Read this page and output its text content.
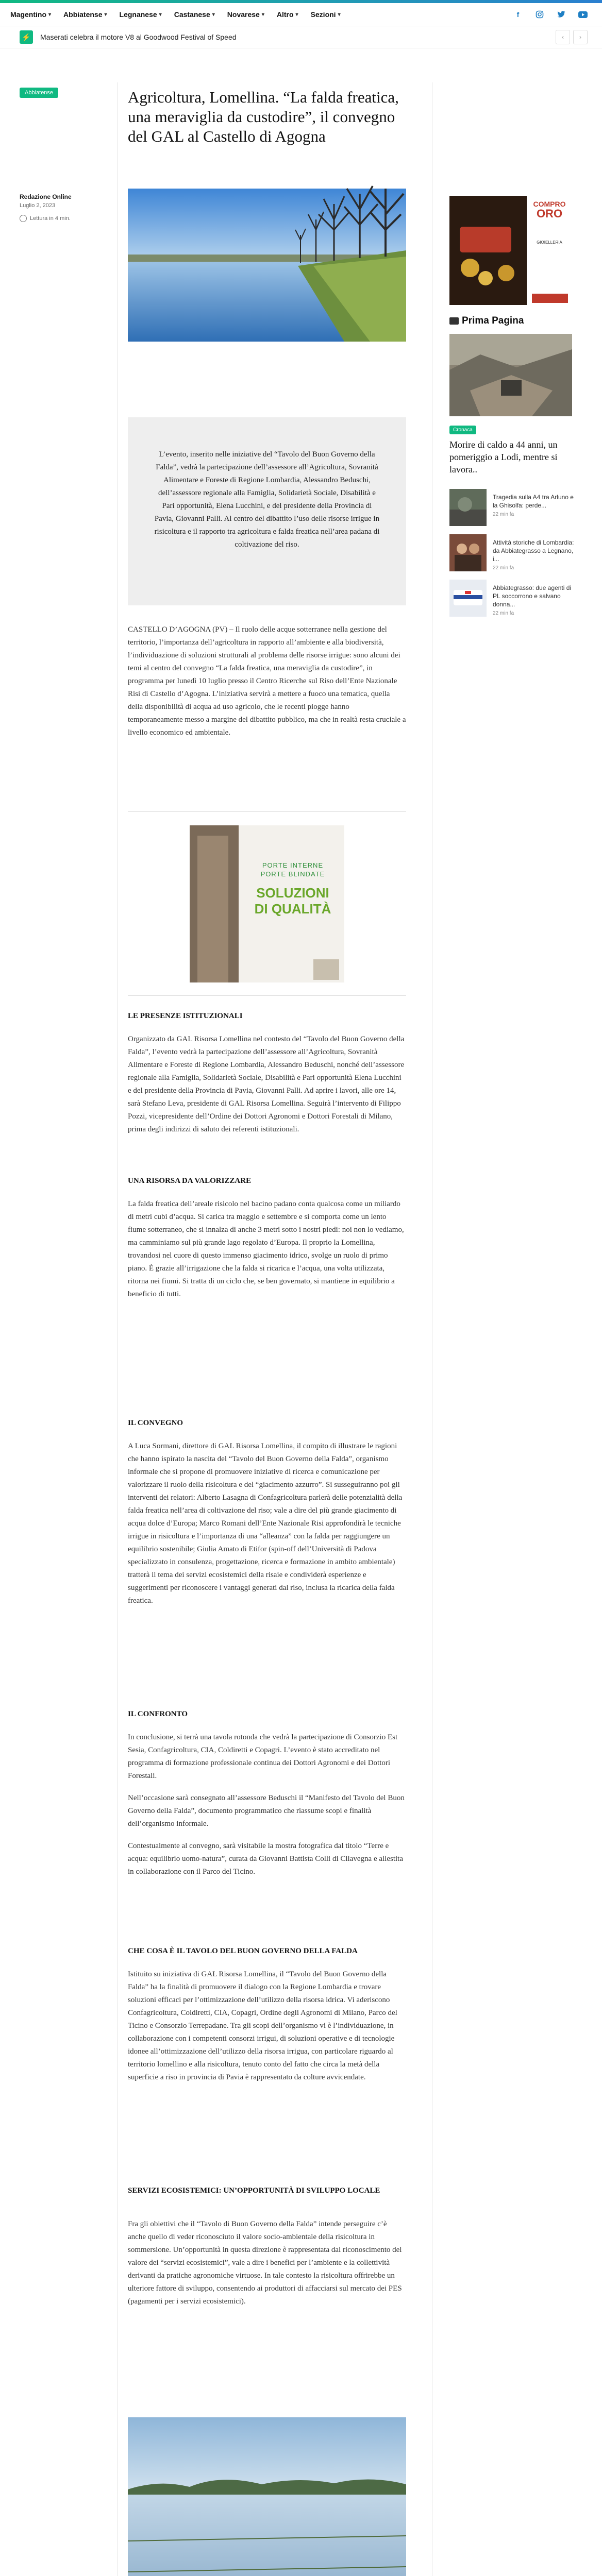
Magentino ▾ Abbiatense ▾ Legnanese ▾ Castanese ▾ Novarese ▾ Altro ▾ Sezioni ▾	f
⚡	Maserati celebra il motore V8 al Goodwood Festival of Speed	‹	›
Abbiatense
Redazione Online
Luglio 2, 2023
Lettura in 4 min.
Agricoltura, Lomellina. “La falda freatica, una meraviglia da custodire”, il convegno del GAL al Castello di Agogna
L’evento, inserito nelle iniziative del “Tavolo del Buon Governo della Falda”, vedrà la partecipazione dell’assessore all’Agricoltura, Sovranità Alimentare e Foreste di Regione Lombardia, Alessandro Beduschi, dell’assessore regionale alla Famiglia, Solidarietà Sociale, Disabilità e Pari opportunità, Elena Lucchini, e del presidente della Provincia di Pavia, Giovanni Palli. Al centro del dibattito l’uso delle risorse irrigue in risicoltura e il rapporto tra agricoltura e falda freatica nell’area padana di coltivazione del riso.

CASTELLO D’AGOGNA (PV) – Il ruolo delle acque sotterranee nella gestione del territorio, l’importanza dell’agricoltura in rapporto all’ambiente e alla biodiversità, l’individuazione di soluzioni strutturali al problema delle risorse irrigue: sono alcuni dei temi al centro del convegno “La falda freatica, una meraviglia da custodire”, in programma per lunedì 10 luglio presso il Centro Ricerche sul Riso dell’Ente Nazionale Risi di Castello d’Agogna. L’iniziativa servirà a mettere a fuoco una tematica, quella della disponibilità di acqua ad uso agricolo, che le recenti piogge hanno temporaneamente messo a margine del dibattito pubblico, ma che in realtà resta cruciale a livello economico ed ambientale.

PORTE INTERNE
PORTE BLINDATE
SOLUZIONI
DI QUALITÀ
LE PRESENZE ISTITUZIONALI

Organizzato da GAL Risorsa Lomellina nel contesto del “Tavolo del Buon Governo della Falda”, l’evento vedrà la partecipazione dell’assessore all’Agricoltura, Sovranità Alimentare e Foreste di Regione Lombardia, Alessandro Beduschi, nonché dell’assessore regionale alla Famiglia, Solidarietà Sociale, Disabilità e Pari opportunità Elena Lucchini e del presidente della Provincia di Pavia, Giovanni Palli. Ad aprire i lavori, alle ore 14, sarà Stefano Leva, presidente di GAL Risorsa Lomellina. Seguirà l’intervento di Filippo Pozzi, vicepresidente dell’Ordine dei Dottori Agronomi e Dottori Forestali di Milano, prima degli indirizzi di saluto dei referenti istituzionali.

UNA RISORSA DA VALORIZZARE

La falda freatica dell’areale risicolo nel bacino padano conta qualcosa come un miliardo di metri cubi d’acqua. Si carica tra maggio e settembre e si comporta come un lento fiume sotterraneo, che si innalza di anche 3 metri sotto i nostri piedi: noi non lo vediamo, ma camminiamo sul più grande lago regolato d’Europa. Il proprio la Lomellina, trovandosi nel cuore di questo immenso giacimento idrico, svolge un ruolo di primo piano. È grazie all’irrigazione che la falda si ricarica e l’acqua, una volta utilizzata, ritorna nei fiumi. Si tratta di un ciclo che, se ben governato, si mantiene in equilibrio a beneficio di tutti.

IL CONVEGNO

A Luca Sormani, direttore di GAL Risorsa Lomellina, il compito di illustrare le ragioni che hanno ispirato la nascita del “Tavolo del Buon Governo della Falda”, organismo informale che si propone di promuovere iniziative di ricerca e comunicazione per valorizzare il ruolo della risicoltura e del “giacimento azzurro”. Si susseguiranno poi gli interventi dei relatori: Alberto Lasagna di Confagricoltura parlerà delle potenzialità della falda freatica nell’area di coltivazione del riso; vale a dire del più grande giacimento di acqua dolce d’Europa; Marco Romani dell’Ente Nazionale Risi approfondirà le tecniche irrigue in risicoltura e l’importanza di una “alleanza” con la falda per raggiungere un equilibrio sostenibile; Giulia Amato di Etifor (spin-off dell’Università di Padova specializzato in consulenza, progettazione, ricerca e formazione in ambito ambientale) tratterà il tema dei servizi ecosistemici della risaie e condividerà esperienze e suggerimenti per riconoscere i vantaggi generati dal riso, inclusa la ricarica della falda freatica.

IL CONFRONTO

In conclusione, si terrà una tavola rotonda che vedrà la partecipazione di Consorzio Est Sesia, Confagricoltura, CIA, Coldiretti e Copagri. L’evento è stato accreditato nel programma di formazione professionale continua dei Dottori Agronomi e dei Dottori Forestali.

Nell’occasione sarà consegnato all’assessore Beduschi il “Manifesto del Tavolo del Buon Governo della Falda”, documento programmatico che riassume scopi e finalità dell’organismo informale.

Contestualmente al convegno, sarà visitabile la mostra fotografica dal titolo “Terre e acqua: equilibrio uomo-natura”, curata da Giovanni Battista Colli di Cilavegna e allestita in collaborazione con il Parco del Ticino.

CHE COSA È IL TAVOLO DEL BUON GOVERNO DELLA FALDA

Istituito su iniziativa di GAL Risorsa Lomellina, il “Tavolo del Buon Governo della Falda” ha la finalità di promuovere il dialogo con la Regione Lombardia e trovare soluzioni efficaci per l’ottimizzazione dell’utilizzo della risorsa idrica. Vi aderiscono Confagricoltura, Coldiretti, CIA, Copagri, Ordine degli Agronomi di Milano, Parco del Ticino e Consorzio Terrepadane. Tra gli scopi dell’organismo vi è l’individuazione, in collaborazione con i competenti consorzi irrigui, di soluzioni operative e di tecnologie idonee all’ottimizzazione dell’utilizzo della risorsa irrigua, con particolare riguardo al territorio lomellino e alla risicoltura, tenuto conto del fatto che circa la metà della superficie a riso in provincia di Pavia è rappresentato da colture avvicendate.

SERVIZI ECOSISTEMICI: UN’OPPORTUNITÀ DI SVILUPPO LOCALE

Fra gli obiettivi che il “Tavolo di Buon Governo della Falda” intende perseguire c’è anche quello di veder riconosciuto il valore socio-ambientale della risicoltura in sommersione. Un’opportunità in questa direzione è rappresentata dal riconoscimento del valore dei “servizi ecosistemici”, vale a dire i benefici per l’ambiente e la collettività derivanti da pratiche agronomiche virtuose. In tale contesto la risicoltura offrirebbe un ulteriore fattore di sviluppo, consentendo ai produttori di affacciarsi sul mercato dei PES (pagamenti per i servizi ecosistemici).

COMPRO
ORO
GIOIELLERIA
VALUTAZIONE GRATUITA
Prima Pagina
Cronaca
Morire di caldo a 44 anni, un pomeriggio a Lodi, mentre si lavora..
Tragedia sulla A4 tra Arluno e la Ghisolfa: perde...
22 min fa
Attività storiche di Lombardia: da Abbiategrasso a Legnano, i...
22 min fa
Abbiategrasso: due agenti di PL soccorrono e salvano donna...
22 min fa
